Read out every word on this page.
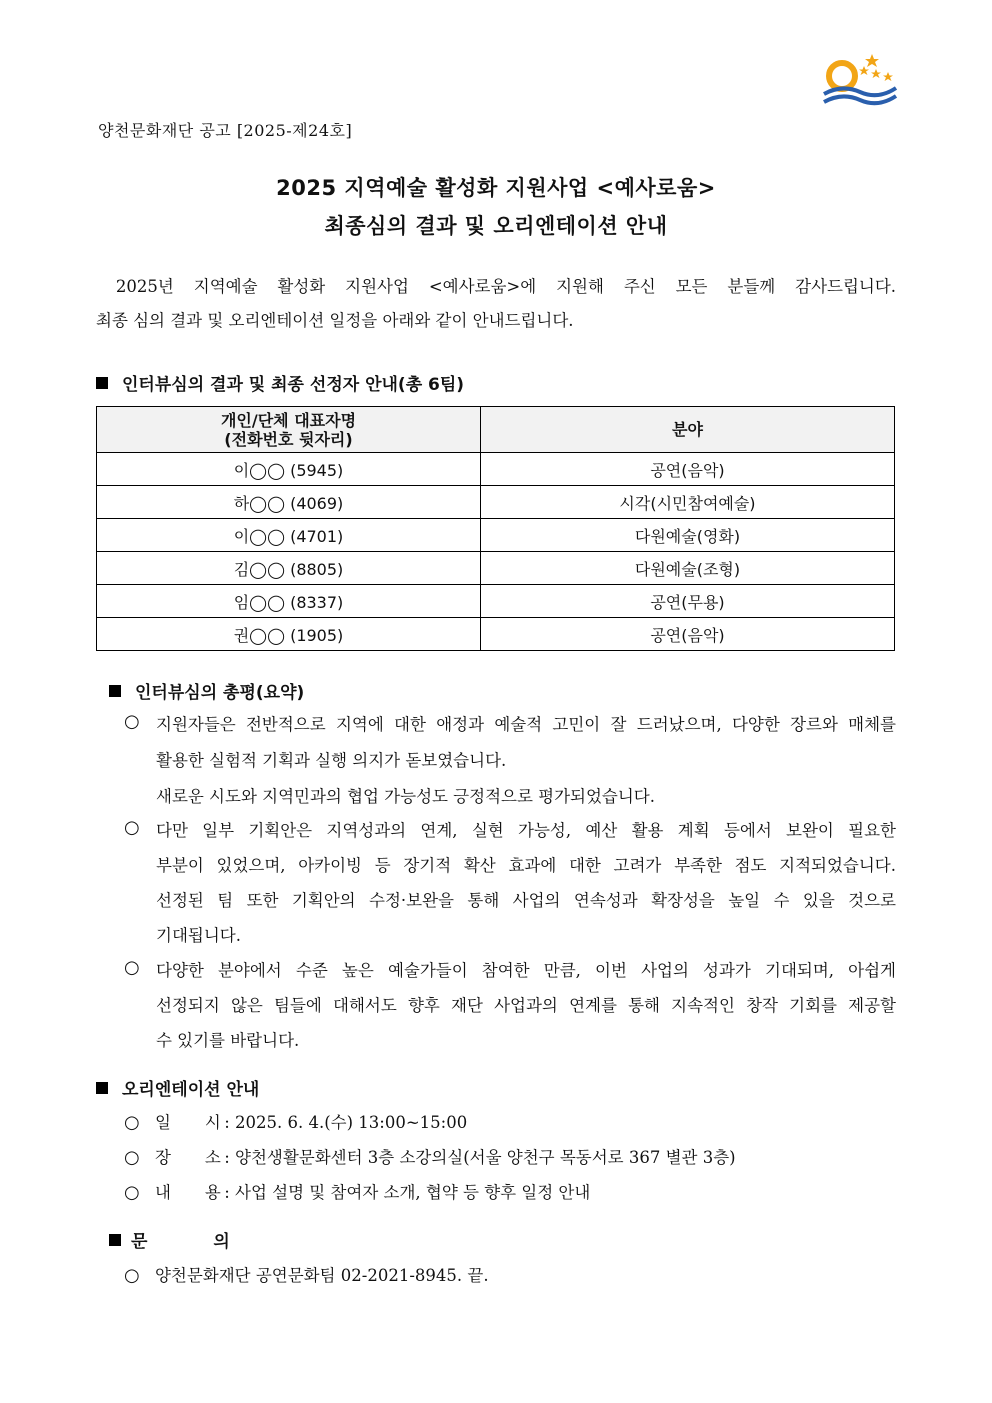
양천문화재단 공고 [2025-제24호]
2025 지역예술 활성화 지원사업 <예사로움>
최종심의 결과 및 오리엔테이션 안내
2025년 지역예술 활성화 지원사업 <예사로움>에 지원해 주신 모든 분들께 감사드립니다.
최종 심의 결과 및 오리엔테이션 일정을 아래와 같이 안내드립니다.
인터뷰심의 결과 및 최종 선정자 안내(총 6팀)
개인/단체 대표자명
(전화번호 뒷자리)	분야
이◯◯ (5945)	공연(음악)
하◯◯ (4069)	시각(시민참여예술)
이◯◯ (4701)	다원예술(영화)
김◯◯ (8805)	다원예술(조형)
임◯◯ (8337)	공연(무용)
권◯◯ (1905)	공연(음악)
인터뷰심의 총평(요약)
○ 지원자들은 전반적으로 지역에 대한 애정과 예술적 고민이 잘 드러났으며, 다양한 장르와 매체를
활용한 실험적 기획과 실행 의지가 돋보였습니다.
새로운 시도와 지역민과의 협업 가능성도 긍정적으로 평가되었습니다.
○ 다만 일부 기획안은 지역성과의 연계, 실현 가능성, 예산 활용 계획 등에서 보완이 필요한
부분이 있었으며, 아카이빙 등 장기적 확산 효과에 대한 고려가 부족한 점도 지적되었습니다.
선정된 팀 또한 기획안의 수정·보완을 통해 사업의 연속성과 확장성을 높일 수 있을 것으로
기대됩니다.
○ 다양한 분야에서 수준 높은 예술가들이 참여한 만큼, 이번 사업의 성과가 기대되며, 아쉽게
선정되지 않은 팀들에 대해서도 향후 재단 사업과의 연계를 통해 지속적인 창작 기회를 제공할
수 있기를 바랍니다.
오리엔테이션 안내
○ 일 시 : 2025. 6. 4.(수) 13:00~15:00
○ 장 소 : 양천생활문화센터 3층 소강의실(서울 양천구 목동서로 367 별관 3층)
○ 내 용 : 사업 설명 및 참여자 소개, 협약 등 향후 일정 안내
문 의
○ 양천문화재단 공연문화팀 02-2021-8945. 끝.
